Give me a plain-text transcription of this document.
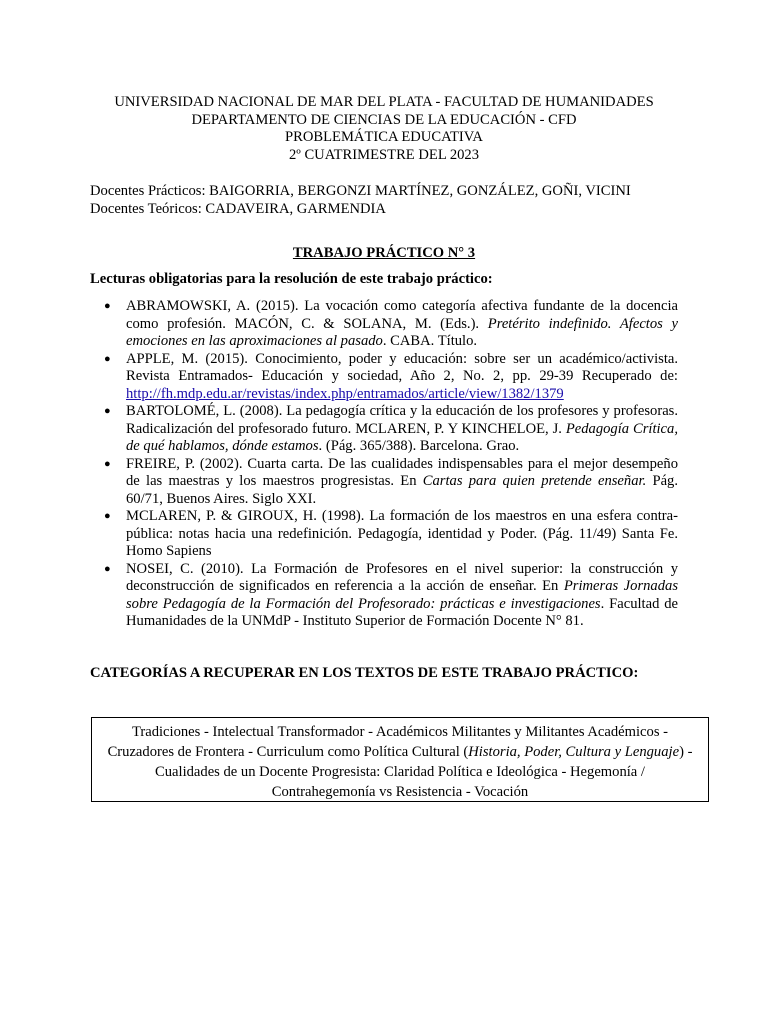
UNIVERSIDAD NACIONAL DE MAR DEL PLATA - FACULTAD DE HUMANIDADES
DEPARTAMENTO DE CIENCIAS DE LA EDUCACIÓN - CFD
PROBLEMÁTICA EDUCATIVA
2º CUATRIMESTRE DEL 2023
Docentes Prácticos: BAIGORRIA, BERGONZI MARTÍNEZ, GONZÁLEZ, GOÑI, VICINI
Docentes Teóricos: CADAVEIRA, GARMENDIA
TRABAJO PRÁCTICO N° 3
Lecturas obligatorias para la resolución de este trabajo práctico:
● ABRAMOWSKI, A. (2015). La vocación como categoría afectiva fundante de la docencia como profesión. MACÓN, C. & SOLANA, M. (Eds.). Pretérito indefinido. Afectos y emociones en las aproximaciones al pasado. CABA. Título.
● APPLE, M. (2015). Conocimiento, poder y educación: sobre ser un académico/activista. Revista Entramados- Educación y sociedad, Año 2, No. 2, pp. 29-39 Recuperado de: http://fh.mdp.edu.ar/revistas/index.php/entramados/article/view/1382/1379
● BARTOLOMÉ, L. (2008). La pedagogía crítica y la educación de los profesores y profesoras. Radicalización del profesorado futuro. MCLAREN, P. Y KINCHELOE, J. Pedagogía Crítica, de qué hablamos, dónde estamos. (Pág. 365/388). Barcelona. Grao.
● FREIRE, P. (2002). Cuarta carta. De las cualidades indispensables para el mejor desempeño de las maestras y los maestros progresistas. En Cartas para quien pretende enseñar. Pág. 60/71, Buenos Aires. Siglo XXI.
● MCLAREN, P. & GIROUX, H. (1998). La formación de los maestros en una esfera contra-pública: notas hacia una redefinición. Pedagogía, identidad y Poder. (Pág. 11/49) Santa Fe. Homo Sapiens
● NOSEI, C. (2010). La Formación de Profesores en el nivel superior: la construcción y deconstrucción de significados en referencia a la acción de enseñar. En Primeras Jornadas sobre Pedagogía de la Formación del Profesorado: prácticas e investigaciones. Facultad de Humanidades de la UNMdP - Instituto Superior de Formación Docente N° 81.
CATEGORÍAS A RECUPERAR EN LOS TEXTOS DE ESTE TRABAJO PRÁCTICO:
Tradiciones - Intelectual Transformador - Académicos Militantes y Militantes Académicos -
Cruzadores de Frontera - Curriculum como Política Cultural (Historia, Poder, Cultura y Lenguaje) -
Cualidades de un Docente Progresista: Claridad Política e Ideológica - Hegemonía /
Contrahegemonía vs Resistencia - Vocación
